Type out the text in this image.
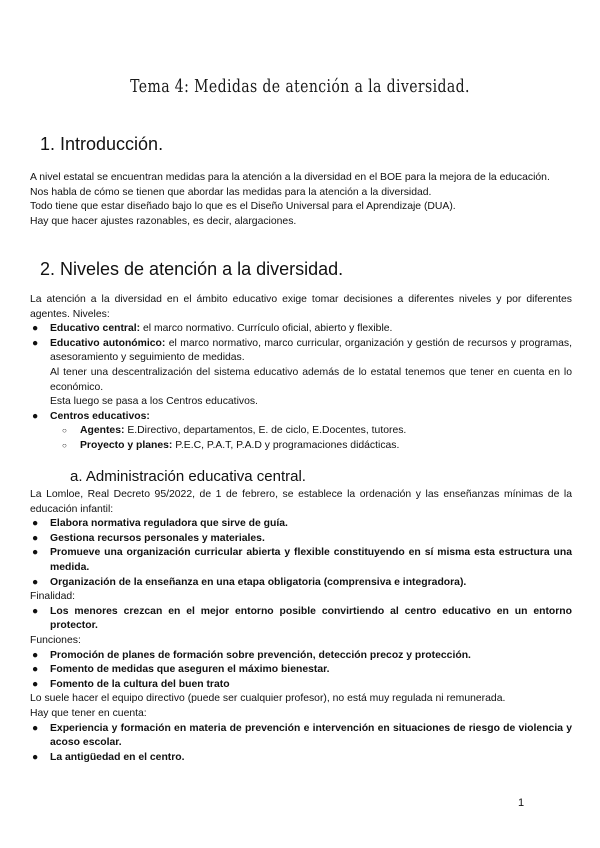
Tema 4: Medidas de atención a la diversidad.
1. Introducción.

A nivel estatal se encuentran medidas para la atención a la diversidad en el BOE para la mejora de la educación.

Nos habla de cómo se tienen que abordar las medidas para la atención a la diversidad.

Todo tiene que estar diseñado bajo lo que es el Diseño Universal para el Aprendizaje (DUA).

Hay que hacer ajustes razonables, es decir, alargaciones.

2. Niveles de atención a la diversidad.

La atención a la diversidad en el ámbito educativo exige tomar decisiones a diferentes niveles y por diferentes agentes. Niveles:

● Educativo central: el marco normativo. Currículo oficial, abierto y flexible.
● Educativo autonómico: el marco normativo, marco curricular, organización y gestión de recursos y programas, asesoramiento y seguimiento de medidas.

Al tener una descentralización del sistema educativo además de lo estatal tenemos que tener en cuenta en lo económico.

Esta luego se pasa a los Centros educativos.

● Centros educativos:
○ Agentes: E.Directivo, departamentos, E. de ciclo, E.Docentes, tutores.
○ Proyecto y planes: P.E.C, P.A.T, P.A.D y programaciones didácticas.
a. Administración educativa central.

La Lomloe, Real Decreto 95/2022, de 1 de febrero, se establece la ordenación y las enseñanzas mínimas de la educación infantil:

● Elabora normativa reguladora que sirve de guía.
● Gestiona recursos personales y materiales.
● Promueve una organización curricular abierta y flexible constituyendo en sí misma esta estructura una medida.
● Organización de la enseñanza en una etapa obligatoria (comprensiva e integradora).

Finalidad:

● Los menores crezcan en el mejor entorno posible convirtiendo al centro educativo en un entorno protector.

Funciones:

● Promoción de planes de formación sobre prevención, detección precoz y protección.
● Fomento de medidas que aseguren el máximo bienestar.
● Fomento de la cultura del buen trato

Lo suele hacer el equipo directivo (puede ser cualquier profesor), no está muy regulada ni remunerada.

Hay que tener en cuenta:

● Experiencia y formación en materia de prevención e intervención en situaciones de riesgo de violencia y acoso escolar.
● La antigüedad en el centro.
1
